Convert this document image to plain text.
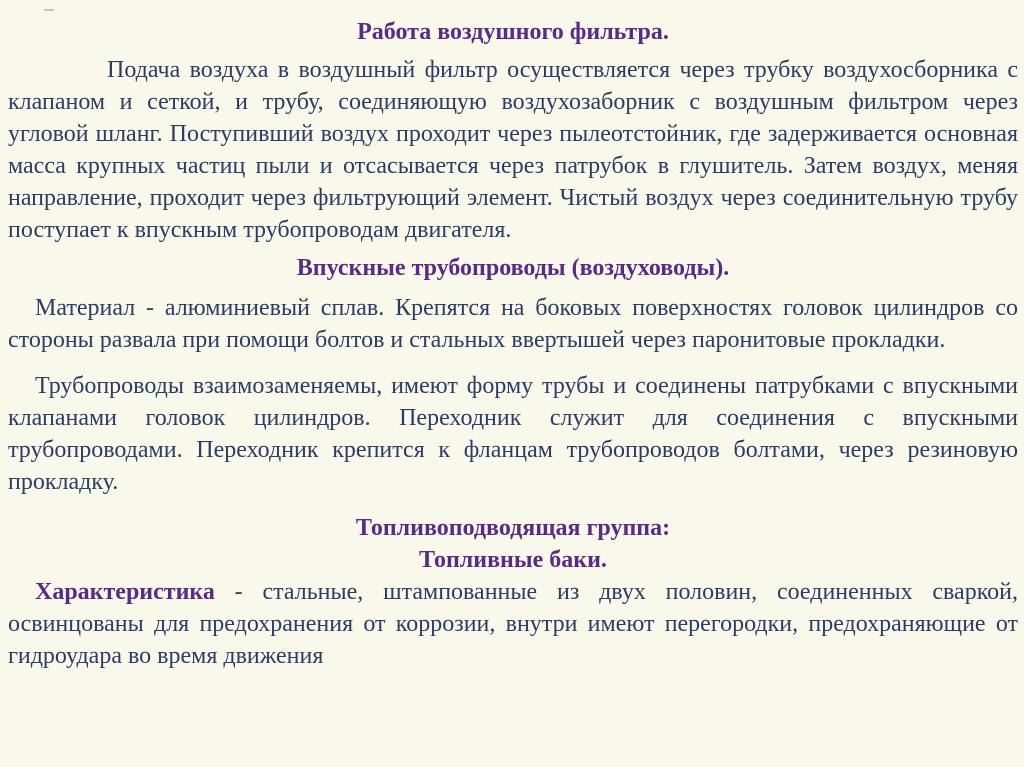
Работа воздушного фильтра.

Подача воздуха в воздушный фильтр осуществляется через трубку воздухосборника с клапаном и сеткой, и трубу, соединяющую воздухозаборник с воздушным фильтром через угловой шланг. Поступивший воздух проходит через пылеотстойник, где задерживается основная масса крупных частиц пыли и отсасывается через патрубок в глушитель. Затем воздух, меняя направление, проходит через фильтрующий элемент. Чистый воздух через соединительную трубу поступает к впускным трубопроводам двигателя.

Впускные трубопроводы (воздуховоды).

Материал - алюминиевый сплав. Крепятся на боковых поверхностях головок цилиндров со стороны развала при помощи болтов и стальных ввертышей через паронитовые прокладки.

Трубопроводы взаимозаменяемы, имеют форму трубы и соединены патрубками с впускными клапанами головок цилиндров. Переходник служит для соединения с впускными трубопроводами. Переходник крепится к фланцам трубопроводов болтами, через резиновую прокладку.

Топливоподводящая группа:
Топливные баки.

Характеристика - стальные, штампованные из двух половин, соединенных сваркой, освинцованы для предохранения от коррозии, внутри имеют перегородки, предохраняющие от гидроудара во время движения
